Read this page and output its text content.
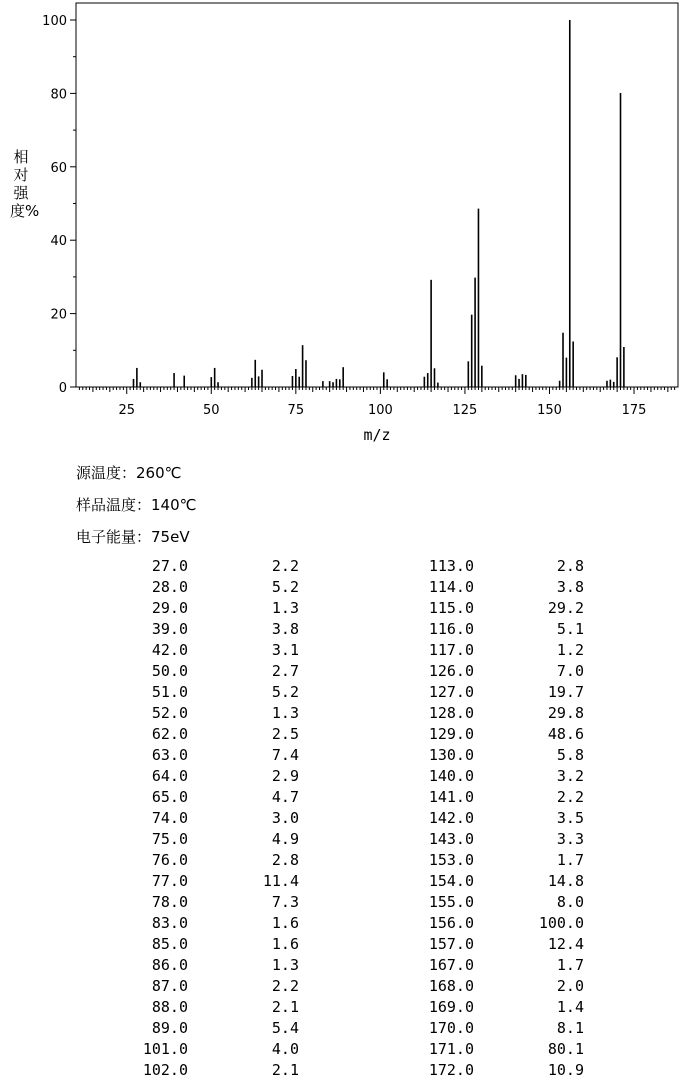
0
20
40
60
80
100
25	50	75	100	125	150	175
m/z
相对强度%
源温度：260℃
样品温度：140℃
电子能量：75eV
27.0	2.2	113.0	2.8
28.0	5.2	114.0	3.8
29.0	1.3	115.0	29.2
39.0	3.8	116.0	5.1
42.0	3.1	117.0	1.2
50.0	2.7	126.0	7.0
51.0	5.2	127.0	19.7
52.0	1.3	128.0	29.8
62.0	2.5	129.0	48.6
63.0	7.4	130.0	5.8
64.0	2.9	140.0	3.2
65.0	4.7	141.0	2.2
74.0	3.0	142.0	3.5
75.0	4.9	143.0	3.3
76.0	2.8	153.0	1.7
77.0	11.4	154.0	14.8
78.0	7.3	155.0	8.0
83.0	1.6	156.0	100.0
85.0	1.6	157.0	12.4
86.0	1.3	167.0	1.7
87.0	2.2	168.0	2.0
88.0	2.1	169.0	1.4
89.0	5.4	170.0	8.1
101.0	4.0	171.0	80.1
102.0	2.1	172.0	10.9
